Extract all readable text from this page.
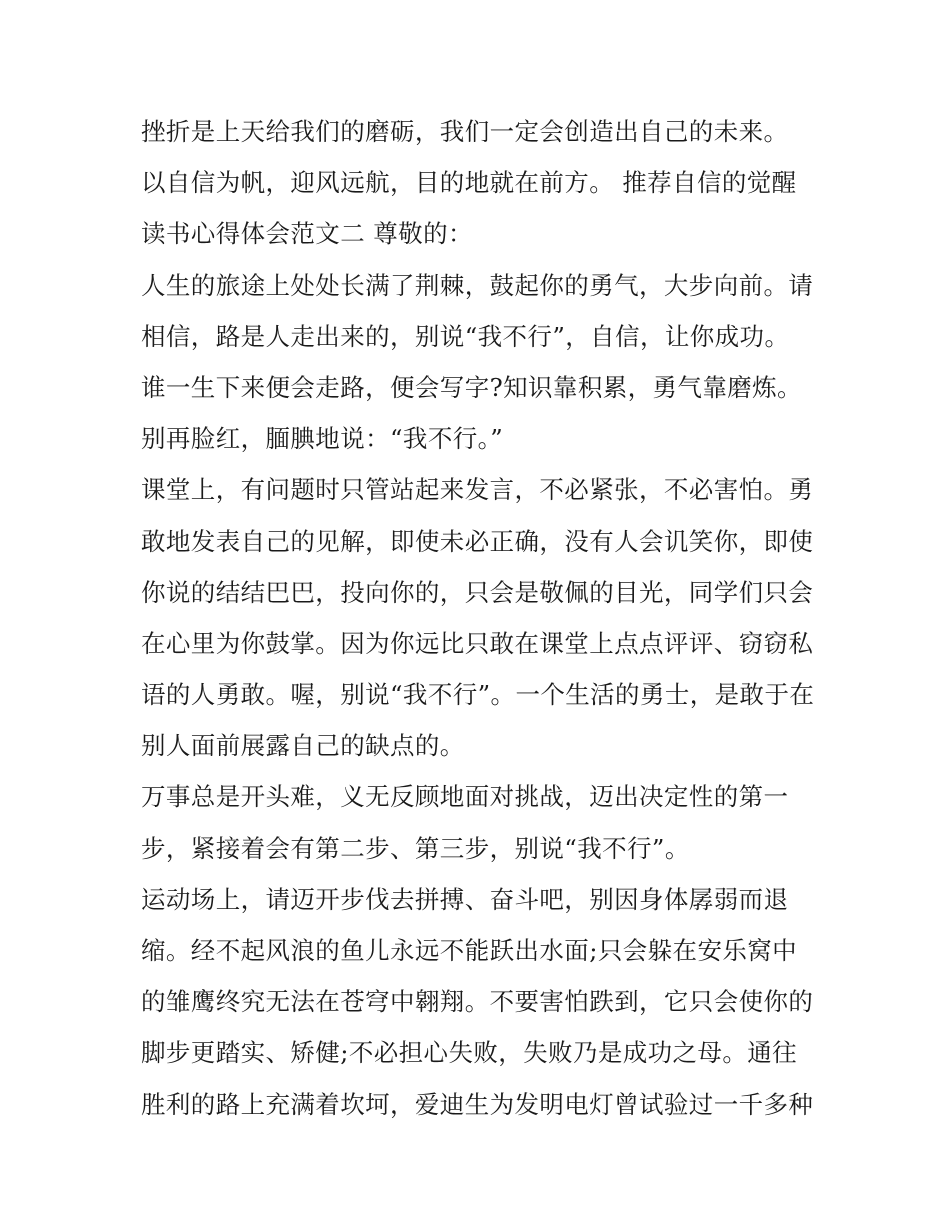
挫折是上天给我们的磨砺，我们一定会创造出自己的未来。
以自信为帆，迎风远航，目的地就在前方。 推荐自信的觉醒
读书心得体会范文二 尊敬的：
人生的旅途上处处长满了荆棘，鼓起你的勇气，大步向前。请
相信，路是人走出来的，别说“我不行”，自信，让你成功。
谁一生下来便会走路，便会写字?知识靠积累，勇气靠磨炼。
别再脸红，腼腆地说：“我不行。”
课堂上，有问题时只管站起来发言，不必紧张，不必害怕。勇
敢地发表自己的见解，即使未必正确，没有人会讥笑你，即使
你说的结结巴巴，投向你的，只会是敬佩的目光，同学们只会
在心里为你鼓掌。因为你远比只敢在课堂上点点评评、窃窃私
语的人勇敢。喔，别说“我不行”。一个生活的勇士，是敢于在
别人面前展露自己的缺点的。
万事总是开头难，义无反顾地面对挑战，迈出决定性的第一
步，紧接着会有第二步、第三步，别说“我不行”。
运动场上，请迈开步伐去拼搏、奋斗吧，别因身体孱弱而退
缩。经不起风浪的鱼儿永远不能跃出水面;只会躲在安乐窝中
的雏鹰终究无法在苍穹中翱翔。不要害怕跌到，它只会使你的
脚步更踏实、矫健;不必担心失败，失败乃是成功之母。通往
胜利的路上充满着坎坷，爱迪生为发明电灯曾试验过一千多种
